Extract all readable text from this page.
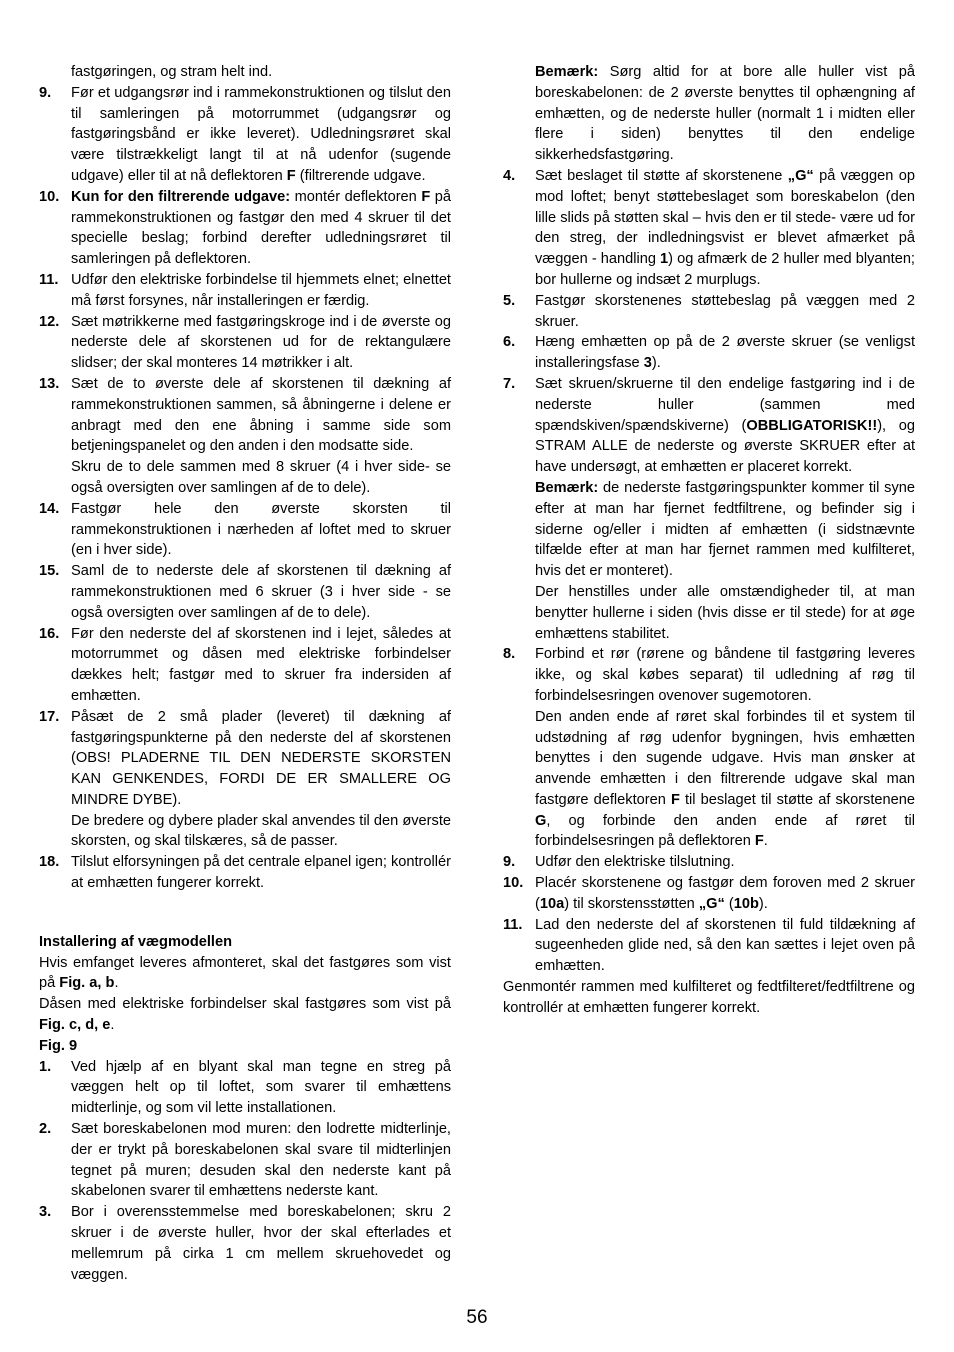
fastgøringen, og stram helt ind.
9. Før et udgangsrør ind i rammekonstruktionen og tilslut den til samleringen på motorrummet (udgangsrør og fastgøringsbånd er ikke leveret). Udledningsrøret skal være tilstrækkeligt langt til at nå udenfor (sugende udgave) eller til at nå deflektoren F (filtrerende udgave.
10. Kun for den filtrerende udgave: montér deflektoren F på rammekonstruktionen og fastgør den med 4 skruer til det specielle beslag; forbind derefter udledningsrøret til samleringen på deflektoren.
11. Udfør den elektriske forbindelse til hjemmets elnet; elnettet må først forsynes, når installeringen er færdig.
12. Sæt møtrikkerne med fastgøringskroge ind i de øverste og nederste dele af skorstenen ud for de rektangulære slidser; der skal monteres 14 møtrikker i alt.
13. Sæt de to øverste dele af skorstenen til dækning af rammekonstruktionen sammen, så åbningerne i delene er anbragt med den ene åbning i samme side som betjeningspanelet og den anden i den modsatte side.
Skru de to dele sammen med 8 skruer (4 i hver side- se også oversigten over samlingen af de to dele).
14. Fastgør hele den øverste skorsten til rammekonstruktionen i nærheden af loftet med to skruer (en i hver side).
15. Saml de to nederste dele af skorstenen til dækning af rammekonstruktionen med 6 skruer (3 i hver side - se også oversigten over samlingen af de to dele).
16. Før den nederste del af skorstenen ind i lejet, således at motorrummet og dåsen med elektriske forbindelser dækkes helt; fastgør med to skruer fra indersiden af emhætten.
17. Påsæt de 2 små plader (leveret) til dækning af fastgøringspunkterne på den nederste del af skorstenen (OBS! PLADERNE TIL DEN NEDERSTE SKORSTEN KAN GENKENDES, FORDI DE ER SMALLERE OG MINDRE DYBE).
De bredere og dybere plader skal anvendes til den øverste skorsten, og skal tilskæres, så de passer.
18. Tilslut elforsyningen på det centrale elpanel igen; kontrollér at emhætten fungerer korrekt.
Installering af vægmodellen
Hvis emfanget leveres afmonteret, skal det fastgøres som vist på Fig. a, b.
Dåsen med elektriske forbindelser skal fastgøres som vist på Fig. c, d, e.
Fig. 9
1. Ved hjælp af en blyant skal man tegne en streg på væggen helt op til loftet, som svarer til emhættens midterlinje, og som vil lette installationen.
2. Sæt boreskabelonen mod muren: den lodrette midterlinje, der er trykt på boreskabelonen skal svare til midterlinjen tegnet på muren; desuden skal den nederste kant på skabelonen svarer til emhættens nederste kant.
3. Bor i overensstemmelse med boreskabelonen; skru 2 skruer i de øverste huller, hvor der skal efterlades et mellemrum på cirka 1 cm mellem skruehovedet og væggen.
Bemærk: Sørg altid for at bore alle huller vist på boreskabelonen: de 2 øverste benyttes til ophængning af emhætten, og de nederste huller (normalt 1 i midten eller flere i siden) benyttes til den endelige sikkerhedsfastgøring.
4. Sæt beslaget til støtte af skorstenene „G“ på væggen op mod loftet; benyt støttebeslaget som boreskabelon (den lille slids på støtten skal – hvis den er til stede- være ud for den streg, der indledningsvist er blevet afmærket på væggen - handling 1) og afmærk de 2 huller med blyanten; bor hullerne og indsæt 2 murplugs.
5. Fastgør skorstenenes støttebeslag på væggen med 2 skruer.
6. Hæng emhætten op på de 2 øverste skruer (se venligst installeringsfase 3).
7. Sæt skruen/skruerne til den endelige fastgøring ind i de nederste huller (sammen med spændskiven/spændskiverne) (OBBLIGATORISK!!), og STRAM ALLE de nederste og øverste SKRUER efter at have undersøgt, at emhætten er placeret korrekt.
Bemærk: de nederste fastgøringspunkter kommer til syne efter at man har fjernet fedtfiltrene, og befinder sig i siderne og/eller i midten af emhætten (i sidstnævnte tilfælde efter at man har fjernet rammen med kulfilteret, hvis det er monteret).
Der henstilles under alle omstændigheder til, at man benytter hullerne i siden (hvis disse er til stede) for at øge emhættens stabilitet.
8. Forbind et rør (rørene og båndene til fastgøring leveres ikke, og skal købes separat) til udledning af røg til forbindelsesringen ovenover sugemotoren.
Den anden ende af røret skal forbindes til et system til udstødning af røg udenfor bygningen, hvis emhætten benyttes i den sugende udgave. Hvis man ønsker at anvende emhætten i den filtrerende udgave skal man fastgøre deflektoren F til beslaget til støtte af skorstenene G, og forbinde den anden ende af røret til forbindelsesringen på deflektoren F.
9. Udfør den elektriske tilslutning.
10. Placér skorstenene og fastgør dem foroven med 2 skruer (10a) til skorstensstøtten „G“ (10b).
11. Lad den nederste del af skorstenen til fuld tildækning af sugeenheden glide ned, så den kan sættes i lejet oven på emhætten.
Genmontér rammen med kulfilteret og fedtfilteret/fedtfiltrene og kontrollér at emhætten fungerer korrekt.
56
